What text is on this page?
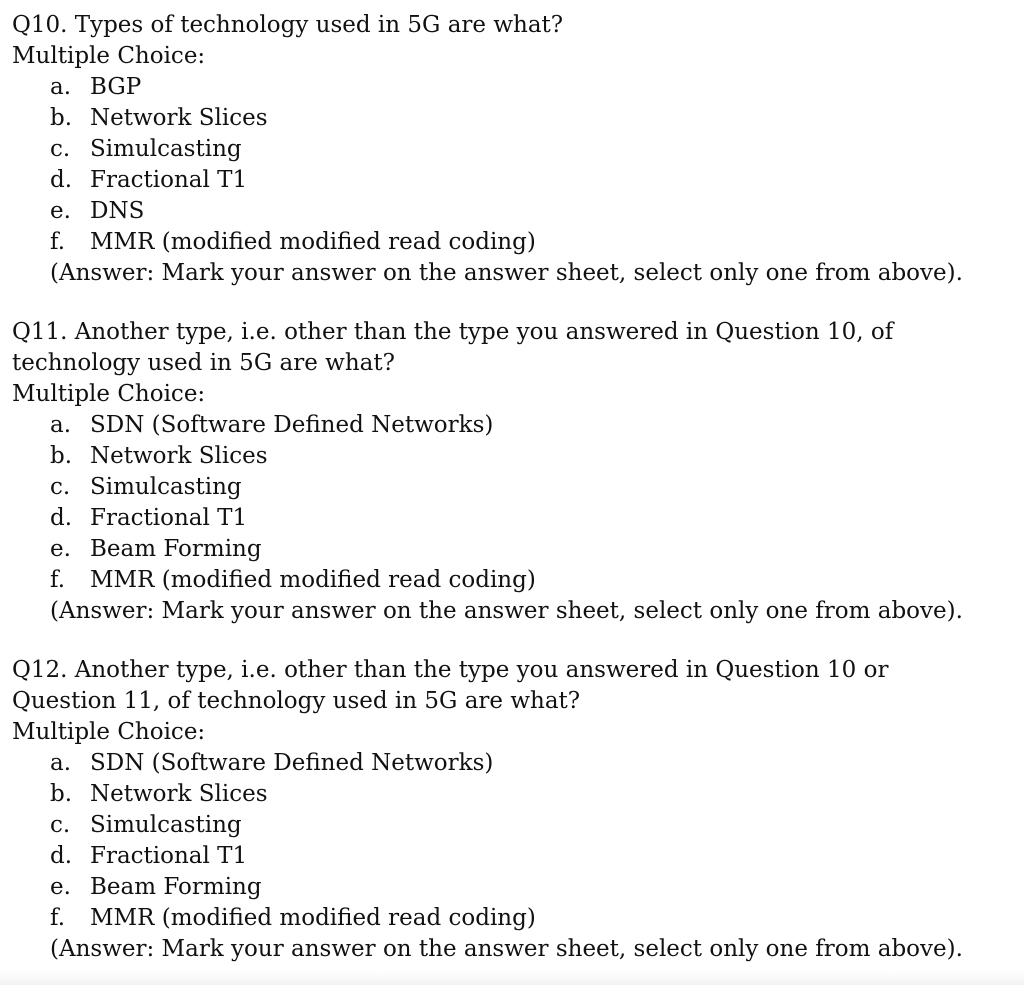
Q10. Types of technology used in 5G are what?
Multiple Choice:
a. BGP
b. Network Slices
c. Simulcasting
d. Fractional T1
e. DNS
f.	MMR (modified modified read coding)
(Answer: Mark your answer on the answer sheet, select only one from above).
Q11. Another type, i.e. other than the type you answered in Question 10, of technology used in 5G are what?
Multiple Choice:
a. SDN (Software Defined Networks)
b. Network Slices
c. Simulcasting
d. Fractional T1
e. Beam Forming
f.	MMR (modified modified read coding)
(Answer: Mark your answer on the answer sheet, select only one from above).
Q12. Another type, i.e. other than the type you answered in Question 10 or Question 11, of technology used in 5G are what?
Multiple Choice:
a. SDN (Software Defined Networks)
b. Network Slices
c. Simulcasting
d. Fractional T1
e. Beam Forming
f.	MMR (modified modified read coding)
(Answer: Mark your answer on the answer sheet, select only one from above).
